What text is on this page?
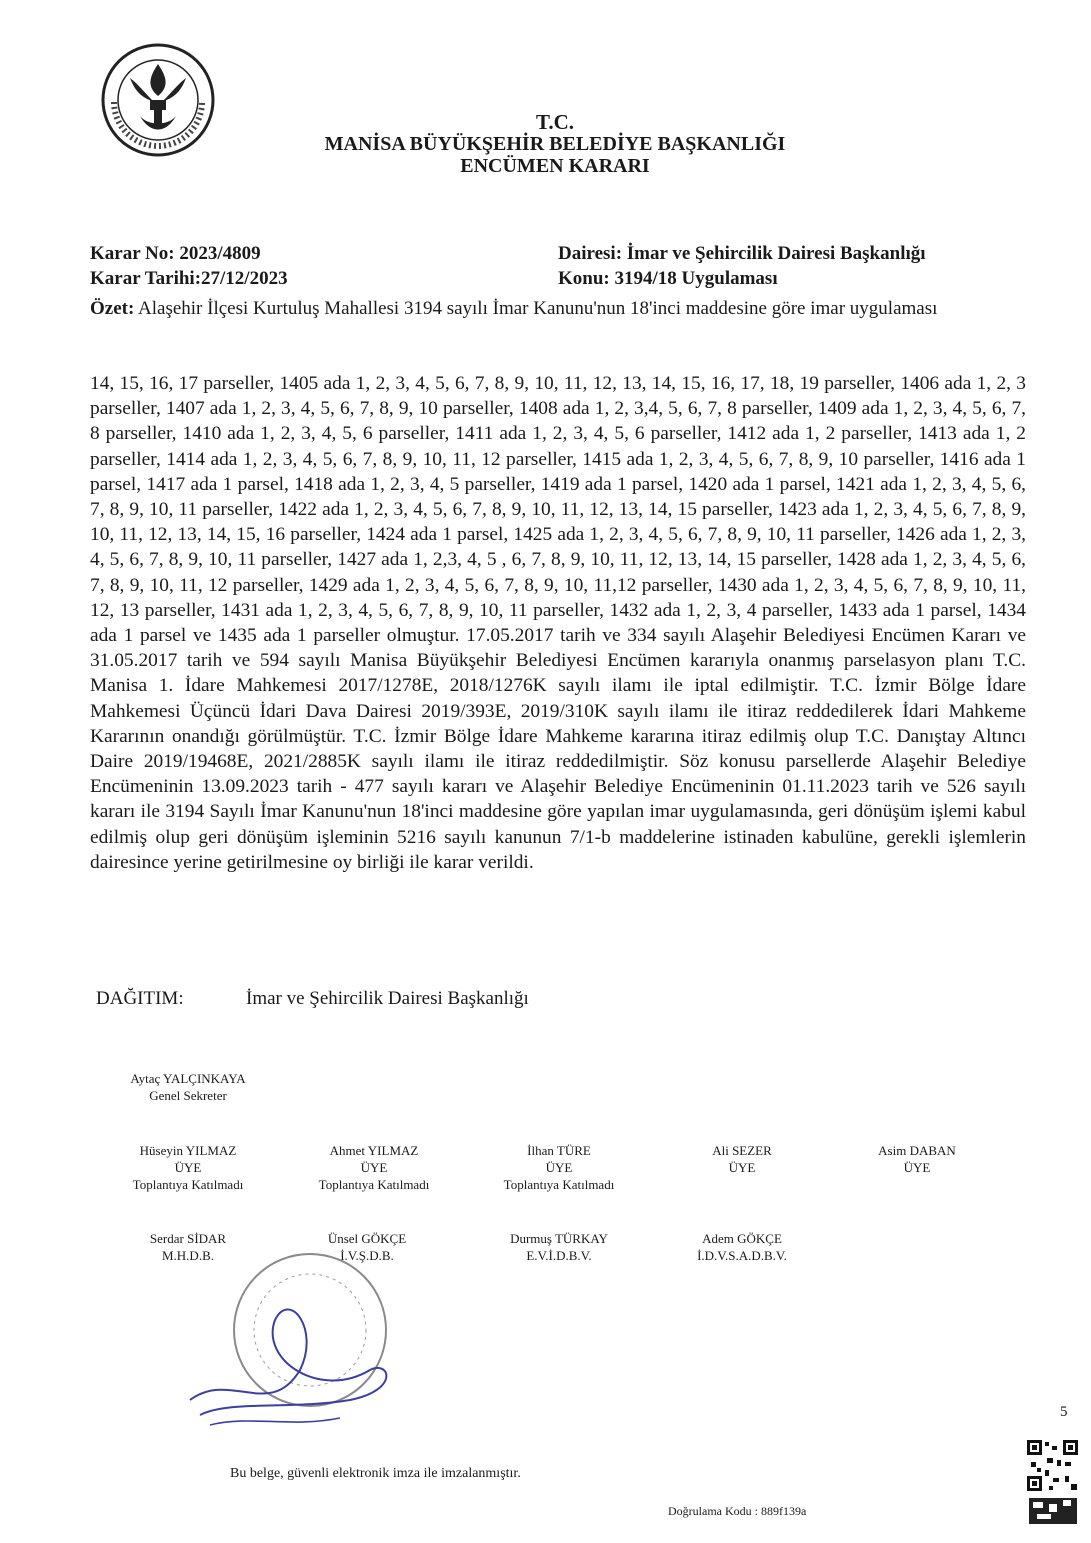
T.C.
MANİSA BÜYÜKŞEHİR BELEDİYE BAŞKANLIĞI
ENCÜMEN KARARI
Karar No: 2023/4809
Karar Tarihi:27/12/2023
Dairesi: İmar ve Şehircilik Dairesi Başkanlığı
Konu: 3194/18 Uygulaması
Özet: Alaşehir İlçesi Kurtuluş Mahallesi 3194 sayılı İmar Kanunu'nun 18'inci maddesine göre imar uygulaması
14, 15, 16, 17 parseller, 1405 ada 1, 2, 3, 4, 5, 6, 7, 8, 9, 10, 11, 12, 13, 14, 15, 16, 17, 18, 19 parseller, 1406 ada 1, 2, 3 parseller, 1407 ada 1, 2, 3, 4, 5, 6, 7, 8, 9, 10 parseller, 1408 ada 1, 2, 3,4, 5, 6, 7, 8 parseller, 1409 ada 1, 2, 3, 4, 5, 6, 7, 8 parseller, 1410 ada 1, 2, 3, 4, 5, 6 parseller, 1411 ada 1, 2, 3, 4, 5, 6 parseller, 1412 ada 1, 2 parseller, 1413 ada 1, 2 parseller, 1414 ada 1, 2, 3, 4, 5, 6, 7, 8, 9, 10, 11, 12 parseller, 1415 ada 1, 2, 3, 4, 5, 6, 7, 8, 9, 10 parseller, 1416 ada 1 parsel, 1417 ada 1 parsel, 1418 ada 1, 2, 3, 4, 5 parseller, 1419 ada 1 parsel, 1420 ada 1 parsel, 1421 ada 1, 2, 3, 4, 5, 6, 7, 8, 9, 10, 11 parseller, 1422 ada 1, 2, 3, 4, 5, 6, 7, 8, 9, 10, 11, 12, 13, 14, 15 parseller, 1423 ada 1, 2, 3, 4, 5, 6, 7, 8, 9, 10, 11, 12, 13, 14, 15, 16 parseller, 1424 ada 1 parsel, 1425 ada 1, 2, 3, 4, 5, 6, 7, 8, 9, 10, 11 parseller, 1426 ada 1, 2, 3, 4, 5, 6, 7, 8, 9, 10, 11 parseller, 1427 ada 1, 2,3, 4, 5 , 6, 7, 8, 9, 10, 11, 12, 13, 14, 15 parseller, 1428 ada 1, 2, 3, 4, 5, 6, 7, 8, 9, 10, 11, 12 parseller, 1429 ada 1, 2, 3, 4, 5, 6, 7, 8, 9, 10, 11,12 parseller, 1430 ada 1, 2, 3, 4, 5, 6, 7, 8, 9, 10, 11, 12, 13 parseller, 1431 ada 1, 2, 3, 4, 5, 6, 7, 8, 9, 10, 11 parseller, 1432 ada 1, 2, 3, 4 parseller, 1433 ada 1 parsel, 1434 ada 1 parsel ve 1435 ada 1 parseller olmuştur. 17.05.2017 tarih ve 334 sayılı Alaşehir Belediyesi Encümen Kararı ve 31.05.2017 tarih ve 594 sayılı Manisa Büyükşehir Belediyesi Encümen kararıyla onanmış parselasyon planı T.C. Manisa 1. İdare Mahkemesi 2017/1278E, 2018/1276K sayılı ilamı ile iptal edilmiştir. T.C. İzmir Bölge İdare Mahkemesi Üçüncü İdari Dava Dairesi 2019/393E, 2019/310K sayılı ilamı ile itiraz reddedilerek İdari Mahkeme Kararının onandığı görülmüştür. T.C. İzmir Bölge İdare Mahkeme kararına itiraz edilmiş olup T.C. Danıştay Altıncı Daire 2019/19468E, 2021/2885K sayılı ilamı ile itiraz reddedilmiştir. Söz konusu parsellerde Alaşehir Belediye Encümeninin 13.09.2023 tarih - 477 sayılı kararı ve Alaşehir Belediye Encümeninin 01.11.2023 tarih ve 526 sayılı kararı ile 3194 Sayılı İmar Kanunu'nun 18'inci maddesine göre yapılan imar uygulamasında, geri dönüşüm işlemi kabul edilmiş olup geri dönüşüm işleminin 5216 sayılı kanunun 7/1-b maddelerine istinaden kabulüne, gerekli işlemlerin dairesince yerine getirilmesine oy birliği ile karar verildi.
DAĞITIM:	İmar ve Şehircilik Dairesi Başkanlığı
Aytaç YALÇINKAYA
Genel Sekreter
Hüseyin YILMAZ
ÜYE
Toplantıya Katılmadı
Ahmet YILMAZ
ÜYE
Toplantıya Katılmadı
İlhan TÜRE
ÜYE
Toplantıya Katılmadı
Ali SEZER
ÜYE
Asim DABAN
ÜYE
Serdar SİDAR
M.H.D.B.
Ünsel GÖKÇE
İ.V.Ş.D.B.
Durmuş TÜRKAY
E.V.İ.D.B.V.
Adem GÖKÇE
İ.D.V.S.A.D.B.V.
5
Bu belge, güvenli elektronik imza ile imzalanmıştır.
Doğrulama Kodu : 889f139a
